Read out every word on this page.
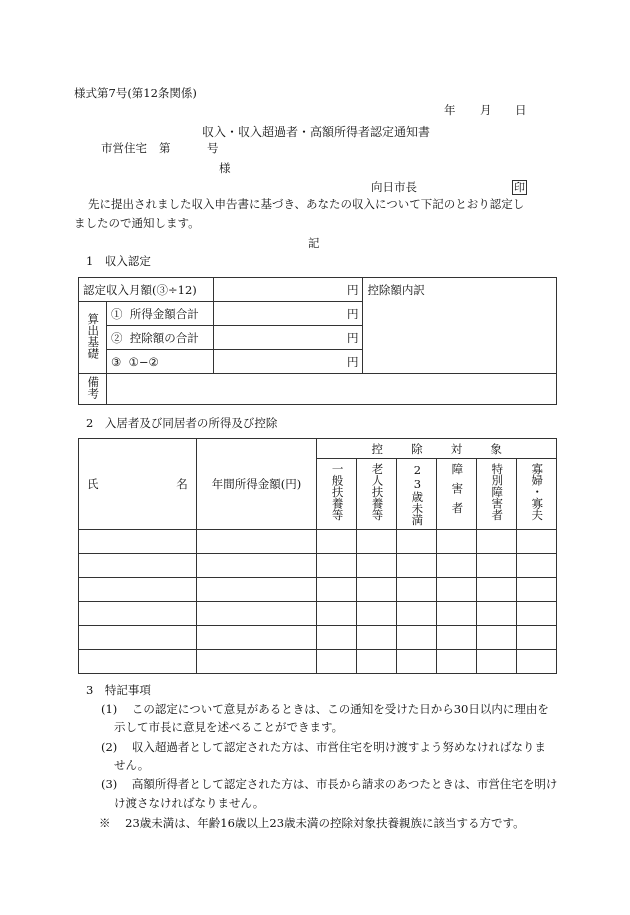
様式第7号(第12条関係)
年 月 日
収入・収入超過者・高額所得者認定通知書
市営住宅 第	号
様
向日市長	印
先に提出されました収入申告書に基づき、あなたの収入について下記のとおり認定し
ましたので通知します。
記
1　収入認定
認定収入月額(③÷12)		円	控除額内訳
算出基礎	① 所得金額合計	円	
	② 控除額の合計	円	
	③ ①−②	円	
備考			
2　入居者及び同居者の所得及び控除
氏 名	年間所得金額(円)	控 除 対 象					

		一般扶養等	老人扶養等	23歳未満	障害者	特別障害者	寡婦・寡夫

3　特記事項
(1) この認定について意見があるときは、この通知を受けた日から30日以内に理由を
示して市長に意見を述べることができます。
(2) 収入超過者として認定された方は、市営住宅を明け渡すよう努めなければなりま
せん。
(3) 高額所得者として認定された方は、市長から請求のあつたときは、市営住宅を明け
け渡さなければなりません。
※ 23歳未満は、年齢16歳以上23歳未満の控除対象扶養親族に該当する方です。
